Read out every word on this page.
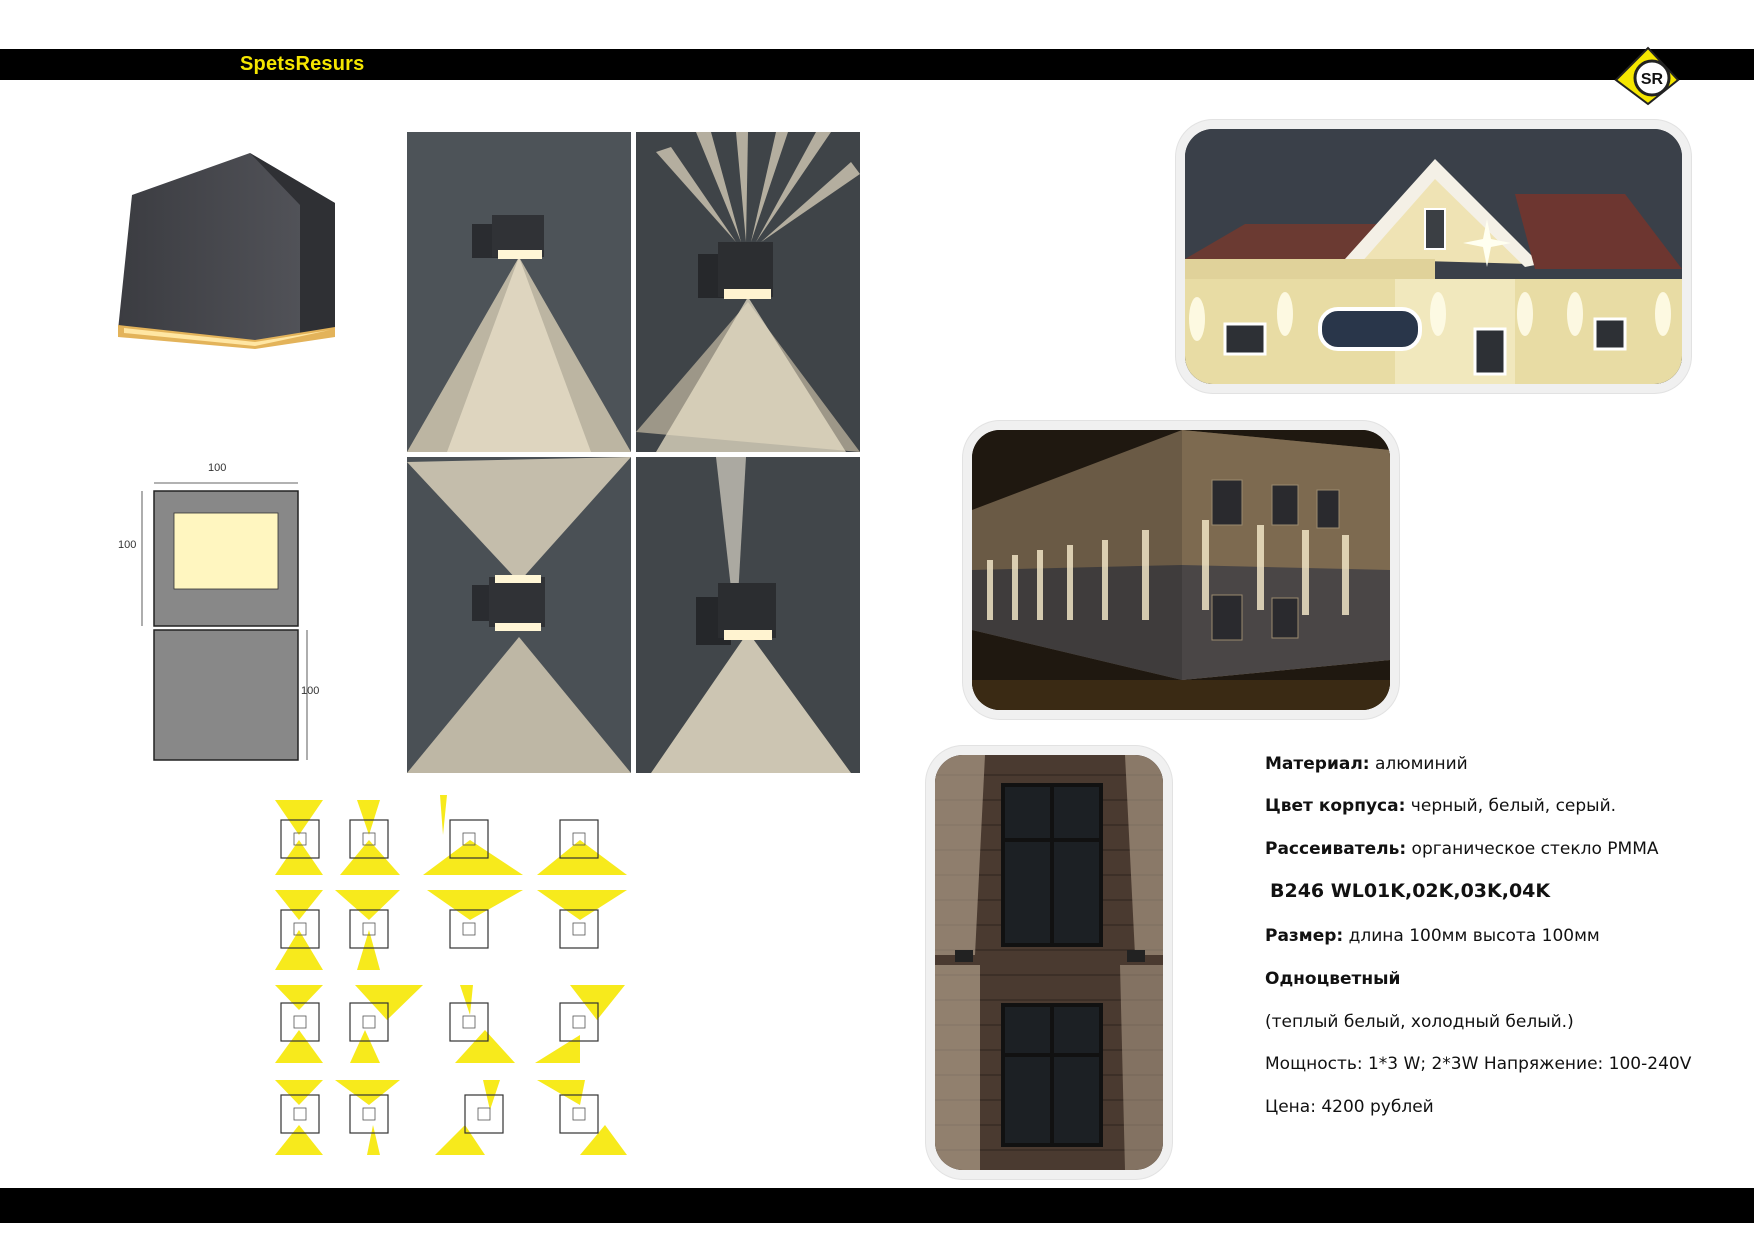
SpetsResurs
SR
100
100
100
Материал: алюминий
Цвет корпуса: черный, белый, серый.
Рассеиватель: органическое стекло PMMA
B246 WL01K,02K,03K,04K
Размер: длина 100мм высота 100мм
Одноцветный
(теплый белый, холодный белый.)
Мощность: 1*3 W; 2*3W Напряжение: 100-240V
Цена: 4200 рублей
